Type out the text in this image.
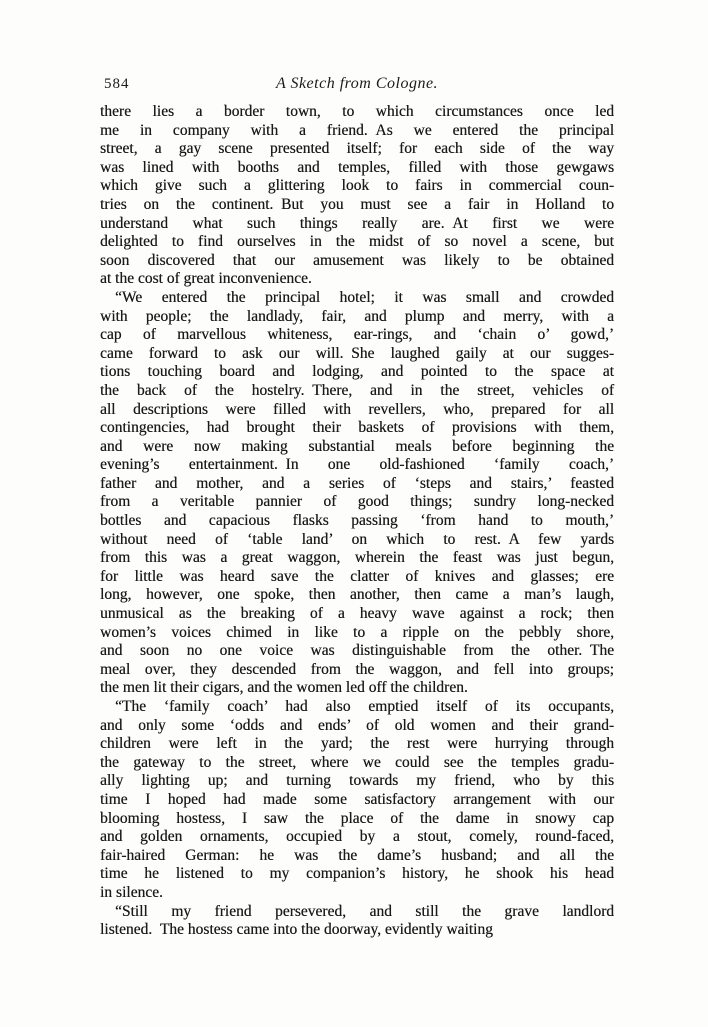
584	A Sketch from Cologne.
there lies a border town, to which circumstances once led
me in company with a friend. As we entered the principal
street, a gay scene presented itself; for each side of the way
was lined with booths and temples, filled with those gewgaws
which give such a glittering look to fairs in commercial coun-
tries on the continent. But you must see a fair in Holland to
understand what such things really are. At first we were
delighted to find ourselves in the midst of so novel a scene, but
soon discovered that our amusement was likely to be obtained
at the cost of great inconvenience.
“We entered the principal hotel; it was small and crowded
with people; the landlady, fair, and plump and merry, with a
cap of marvellous whiteness, ear-rings, and ‘chain o’ gowd,’
came forward to ask our will. She laughed gaily at our sugges-
tions touching board and lodging, and pointed to the space at
the back of the hostelry. There, and in the street, vehicles of
all descriptions were filled with revellers, who, prepared for all
contingencies, had brought their baskets of provisions with them,
and were now making substantial meals before beginning the
evening’s entertainment. In one old-fashioned ‘family coach,’
father and mother, and a series of ‘steps and stairs,’ feasted
from a veritable pannier of good things; sundry long-necked
bottles and capacious flasks passing ‘from hand to mouth,’
without need of ‘table land’ on which to rest. A few yards
from this was a great waggon, wherein the feast was just begun,
for little was heard save the clatter of knives and glasses; ere
long, however, one spoke, then another, then came a man’s laugh,
unmusical as the breaking of a heavy wave against a rock; then
women’s voices chimed in like to a ripple on the pebbly shore,
and soon no one voice was distinguishable from the other. The
meal over, they descended from the waggon, and fell into groups;
the men lit their cigars, and the women led off the children.
“The ‘family coach’ had also emptied itself of its occupants,
and only some ‘odds and ends’ of old women and their grand-
children were left in the yard; the rest were hurrying through
the gateway to the street, where we could see the temples gradu-
ally lighting up; and turning towards my friend, who by this
time I hoped had made some satisfactory arrangement with our
blooming hostess, I saw the place of the dame in snowy cap
and golden ornaments, occupied by a stout, comely, round-faced,
fair-haired German: he was the dame’s husband; and all the
time he listened to my companion’s history, he shook his head
in silence.
“Still my friend persevered, and still the grave landlord
listened. The hostess came into the doorway, evidently waiting
